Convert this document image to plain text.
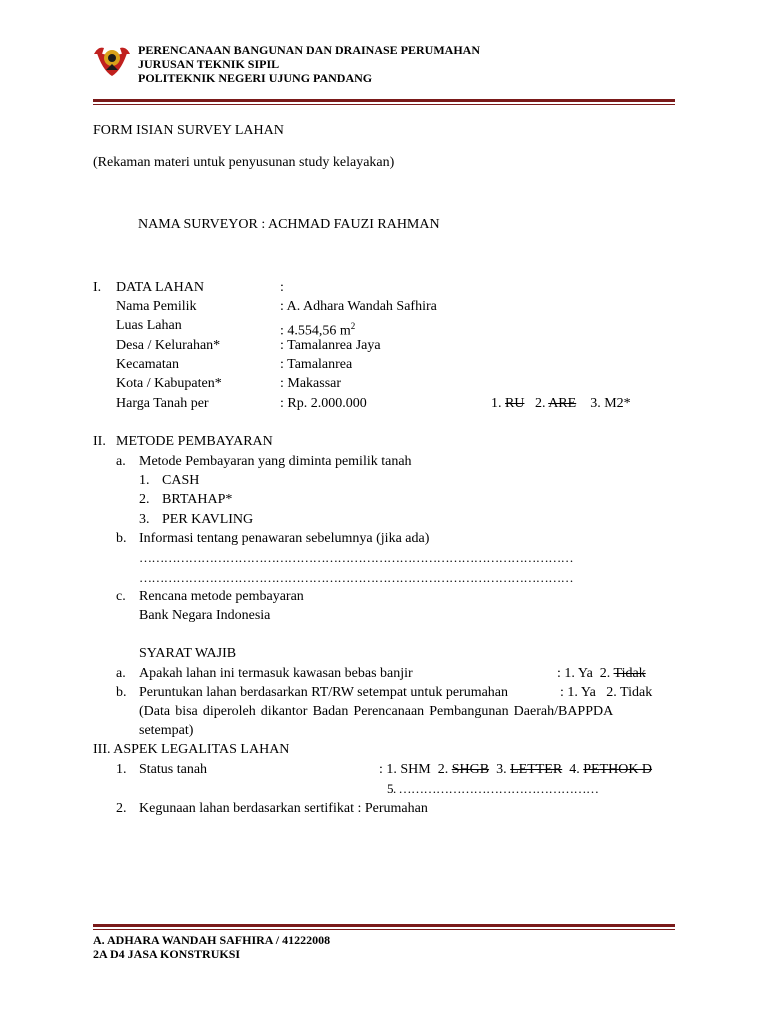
PERENCANAAN BANGUNAN DAN DRAINASE PERUMAHAN
JURUSAN TEKNIK SIPIL
POLITEKNIK NEGERI UJUNG PANDANG
FORM ISIAN SURVEY LAHAN
(Rekaman materi untuk penyusunan study kelayakan)
NAMA SURVEYOR : ACHMAD FAUZI RAHMAN
I. DATA LAHAN	:
Nama Pemilik	: A. Adhara Wandah Safhira
Luas Lahan	: 4.554,56 $m^2$
Desa / Kelurahan*	: Tamalanrea Jaya
Kecamatan	: Tamalanrea
Kota / Kabupaten*	: Makassar
Harga Tanah per	: Rp. 2.000.000	1. RU 2. ARE 3. M2*
II. METODE PEMBAYARAN
a. Metode Pembayaran yang diminta pemilik tanah
1. CASH
2. BRTAHAP*
3. PER KAVLING
b. Informasi tentang penawaran sebelumnya (jika ada)
……………………………………………………………………………………………
……………………………………………………………………………………………
c. Rencana metode pembayaran
Bank Negara Indonesia
SYARAT WAJIB
a. Apakah lahan ini termasuk kawasan bebas banjir	: 1. Ya 2. Tidak
b. Peruntukan lahan berdasarkan RT/RW setempat untuk perumahan	: 1. Ya   2. Tidak
(Data bisa diperoleh dikantor Badan Perencanaan Pembangunan Daerah/BAPPDA
setempat)
III. ASPEK LEGALITAS LAHAN
1. Status tanah	: 1. SHM 2. SHGB 3. LETTER 4. PETHOK D
5. …………………………………………
2. Kegunaan lahan berdasarkan sertifikat : Perumahan
A. ADHARA WANDAH SAFHIRA / 41222008
2A D4 JASA KONSTRUKSI
